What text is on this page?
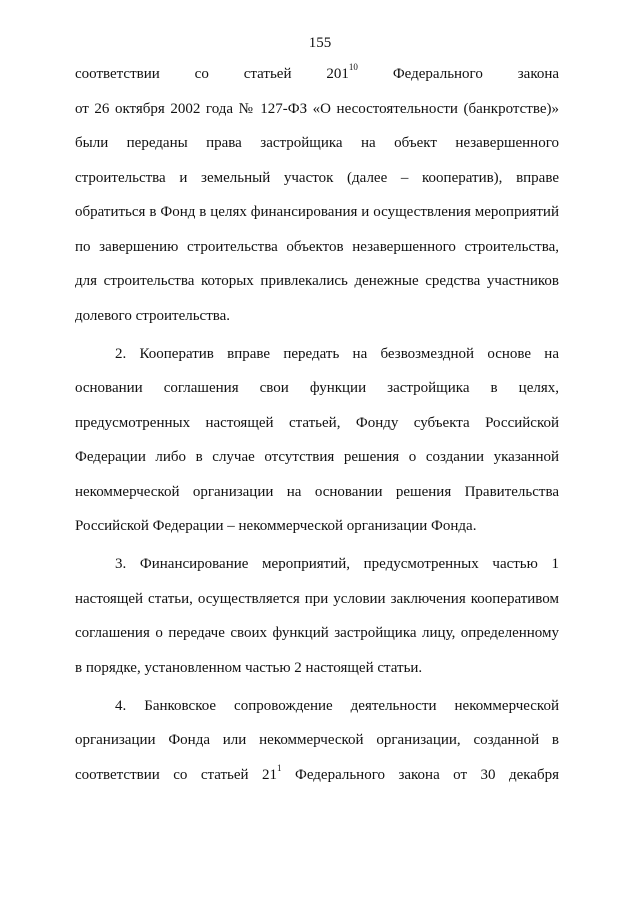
155
соответствии со статьей $201^{10}$ Федерального закона
от 26 октября 2002 года № 127-ФЗ «О несостоятельности (банкротстве)»
были переданы права застройщика на объект незавершенного
строительства и земельный участок (далее – кооператив), вправе
обратиться в Фонд в целях финансирования и осуществления мероприятий
по завершению строительства объектов незавершенного строительства,
для строительства которых привлекались денежные средства участников
долевого строительства.
2. Кооператив вправе передать на безвозмездной основе на
основании соглашения свои функции застройщика в целях,
предусмотренных настоящей статьей, Фонду субъекта Российской
Федерации либо в случае отсутствия решения о создании указанной
некоммерческой организации на основании решения Правительства
Российской Федерации – некоммерческой организации Фонда.
3. Финансирование мероприятий, предусмотренных частью 1
настоящей статьи, осуществляется при условии заключения кооперативом
соглашения о передаче своих функций застройщика лицу, определенному
в порядке, установленном частью 2 настоящей статьи.
4. Банковское сопровождение деятельности некоммерческой
организации Фонда или некоммерческой организации, созданной в
соответствии со статьей $21^1$ Федерального закона от 30 декабря
